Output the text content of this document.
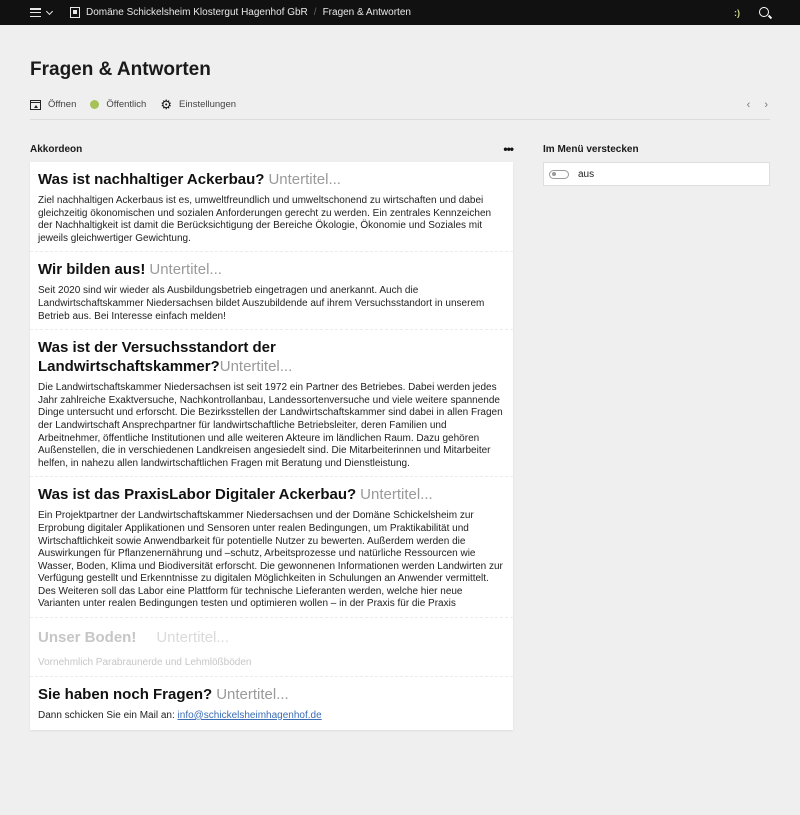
Domäne Schickelsheim Klostergut Hagenhof GbR / Fragen & Antworten	:)
Fragen & Antworten
Öffnen	Öffentlich ⚙ Einstellungen	‹ ›
Akkordeon	•••
Was ist nachhaltiger Ackerbau? Untertitel...
Ziel nachhaltigen Ackerbaus ist es, umweltfreundlich und umweltschonend zu wirtschaften und dabei gleichzeitig ökonomischen und sozialen Anforderungen gerecht zu werden. Ein zentrales Kennzeichen der Nachhaltigkeit ist damit die Berücksichtigung der Bereiche Ökologie, Ökonomie und Soziales mit jeweils gleichwertiger Gewichtung.
Wir bilden aus! Untertitel...
Seit 2020 sind wir wieder als Ausbildungsbetrieb eingetragen und anerkannt. Auch die Landwirtschaftskammer Niedersachsen bildet Auszubildende auf ihrem Versuchsstandort in unserem Betrieb aus. Bei Interesse einfach melden!
Was ist der Versuchsstandort der Landwirtschaftskammer? Untertitel...
Die Landwirtschaftskammer Niedersachsen ist seit 1972 ein Partner des Betriebes. Dabei werden jedes Jahr zahlreiche Exaktversuche, Nachkontrollanbau, Landessortenversuche und viele weitere spannende Dinge untersucht und erforscht. Die Bezirksstellen der Landwirtschaftskammer sind dabei in allen Fragen der Landwirtschaft Ansprechpartner für landwirtschaftliche Betriebsleiter, deren Familien und Arbeitnehmer, öffentliche Institutionen und alle weiteren Akteure im ländlichen Raum. Dazu gehören Außenstellen, die in verschiedenen Landkreisen angesiedelt sind. Die Mitarbeiterinnen und Mitarbeiter helfen, in nahezu allen landwirtschaftlichen Fragen mit Beratung und Dienstleistung.
Was ist das PraxisLabor Digitaler Ackerbau? Untertitel...
Ein Projektpartner der Landwirtschaftskammer Niedersachsen und der Domäne Schickelsheim zur Erprobung digitaler Applikationen und Sensoren unter realen Bedingungen, um Praktikabilität und Wirtschaftlichkeit sowie Anwendbarkeit für potentielle Nutzer zu bewerten. Außerdem werden die Auswirkungen für Pflanzenernährung und –schutz, Arbeitsprozesse und natürliche Ressourcen wie Wasser, Boden, Klima und Biodiversität erforscht. Die gewonnenen Informationen werden Landwirten zur Verfügung gestellt und Erkenntnisse zu digitalen Möglichkeiten in Schulungen an Anwender vermittelt. Des Weiteren soll das Labor eine Plattform für technische Lieferanten werden, welche hier neue Varianten unter realen Bedingungen testen und optimieren wollen – in der Praxis für die Praxis
Unser Boden! Untertitel...
Vornehmlich Parabraunerde und Lehmlößböden
Sie haben noch Fragen? Untertitel...
Dann schicken Sie ein Mail an: info@schickelsheimhagenhof.de
Im Menü verstecken
aus
